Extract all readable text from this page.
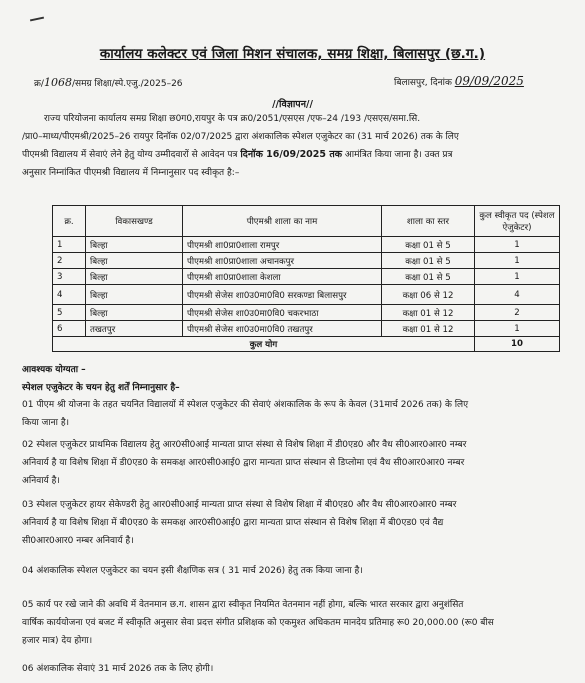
कार्यालय कलेक्टर एवं जिला मिशन संचालक, समग्र शिक्षा, बिलासपुर (छ.ग.)
क्र/1068/समग्र शिक्षा/स्पे.एजु./2025–26	बिलासपुर, दिनांक 09/09/2025
//विज्ञापन//
राज्य परियोजना कार्यालय समग्र शिक्षा छ0ग0,रायपुर के पत्र क्र0/2051/एसएस /एफ–24 /193 /एसएस/समा.सि.
/प्रा0–माध्य/पीएमश्री/2025–26 रायपुर दिनॉक 02/07/2025 द्वारा अंशकालिक स्पेशल एजुकेटर का (31 मार्च 2026) तक के लिए
पीएमश्री विद्यालय में सेवाएं लेने हेतु योग्य उम्मीदवारों से आवेदन पत्र दिनॉक 16/09/2025 तक आमंत्रित किया जाना है। उक्त प्रत्र
अनुसार निम्नांकित पीएमश्री विद्यालय में निम्नानुसार पद स्वीकृत है:–
क्र.	विकासखण्ड	पीएमश्री शाला का नाम	शाला का स्तर	कुल स्वीकृत पद (स्पेशल ऐजुकेटर)
1	बिल्हा	पीएमश्री शा0प्रा0शाला रामपुर	कक्षा 01 से 5	1
2	बिल्हा	पीएमश्री शा0प्रा0शाला अचानकपुर	कक्षा 01 से 5	1
3	बिल्हा	पीएमश्री शा0प्रा0शाला केशला	कक्षा 01 से 5	1
4	बिल्हा	पीएमश्री सेजेस शा0उ0मा0वि0 सरकण्डा बिलासपुर	कक्षा 06 से 12	4
5	बिल्हा	पीएमश्री सेजेस शा0उ0मा0वि0 चकरभाठा	कक्षा 01 से 12	2
6	तखतपुर	पीएमश्री सेजेस शा0उ0मा0वि0 तखतपुर	कक्षा 01 से 12	1
कुल योग				10
आवश्यक योग्यता –
स्पेशल एजुकेटर के चयन हेतु शर्तें निम्नानुसार है–
01 पीएम श्री योजना के तहत चयनित विद्यालयों में स्पेशल एजुकेटर की सेवाएं अंशकालिक के रूप के केवल (31मार्च 2026 तक) के लिए
किया जाना है।
02 स्पेशल एजुकेटर प्राथमिक विद्यालय हेतु आर0सी0आई मान्यता प्राप्त संस्था से विशेष शिक्षा में डी0एड0 और वैध सी0आर0आर0 नम्बर
अनिवार्य है या विशेष शिक्षा में डी0एड0 के समकक्ष आर0सी0आई0 द्वारा मान्यता प्राप्त संस्थान से डिप्लोमा एवं वैध सी0आर0आर0 नम्बर
अनिवार्य है।
03 स्पेशल एजुकेटर हायर सेकेण्डरी हेतु आर0सी0आई मान्यता प्राप्त संस्था से विशेष शिक्षा में बी0एड0 और वैध सी0आर0आर0 नम्बर
अनिवार्य है या विशेष शिक्षा में बी0एड0 के समकक्ष आर0सी0आई0 द्वारा मान्यता प्राप्त संस्थान से विशेष शिक्षा में बी0एड0 एवं वैद्य
सी0आर0आर0 नम्बर अनिवार्य है।
04 अंशकालिक स्पेशल एजुकेटर का चयन इसी शैक्षणिक सत्र ( 31 मार्च 2026) हेतु तक किया जाना है।
05 कार्य पर रखे जाने की अवधि में वेतनमान छ.ग. शासन द्वारा स्वीकृत नियमित वेतनमान नहीं होगा, बल्कि भारत सरकार द्वारा अनुशंसित
वार्षिक कार्ययोजना एवं बजट में स्वीकृति अनुसार सेवा प्रदत्त संगीत प्रशिक्षक को एकमुश्त अधिकतम मानदेय प्रतिमाह रू0 20,000.00 (रू0 बीस
हजार मात्र) देय होगा।
06 अंशकालिक सेवाएं 31 मार्च 2026 तक के लिए होगी।
